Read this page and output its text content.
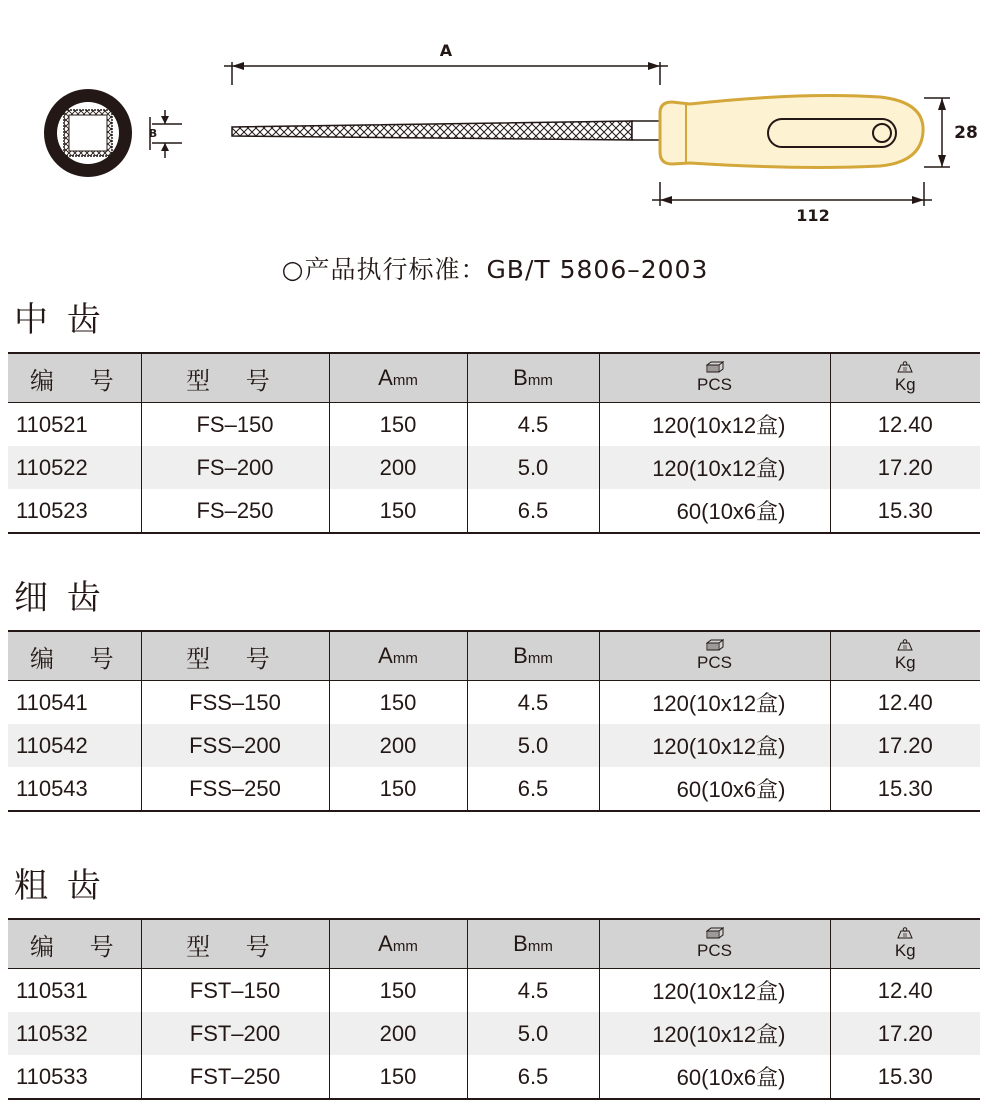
B
A
28
112
○产品执行标准：GB/T 5806–2003
中 齿
编 号	型 号	Amm	Bmm	PCS	Kg

110521	FS–150	150	4.5	120(10x12盒)	12.40
110522	FS–200	200	5.0	120(10x12盒)	17.20
110523	FS–250	150	6.5	60(10x6盒)	15.30
细 齿
编 号	型 号	Amm	Bmm	PCS	Kg

110541	FSS–150	150	4.5	120(10x12盒)	12.40
110542	FSS–200	200	5.0	120(10x12盒)	17.20
110543	FSS–250	150	6.5	60(10x6盒)	15.30
粗 齿
编 号	型 号	Amm	Bmm	PCS	Kg

110531	FST–150	150	4.5	120(10x12盒)	12.40
110532	FST–200	200	5.0	120(10x12盒)	17.20
110533	FST–250	150	6.5	60(10x6盒)	15.30
